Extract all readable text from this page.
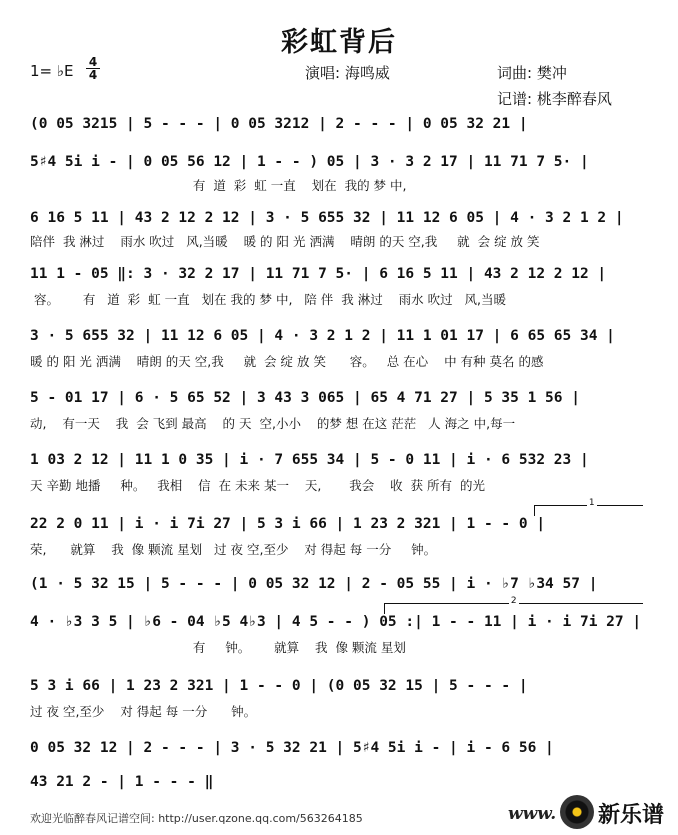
彩虹背后
1= ♭E 4
4	演唱: 海鸣威	词曲: 樊冲
记谱: 桃李醉春风
(0 05 3215 | 5 - - - | 0 05 3212 | 2 - - - | 0 05 32 21 |
5♯4 5i i - | 0 05 56 12 | 1 - - ) 05 | 3 · 3 2 17 | 11 71 7 5· |
有  道  彩  虹 一直    划在  我的 梦 中,
6 16 5 11 | 43 2 12 2 12 | 3 · 5 655 32 | 11 12 6 05 | 4 · 3 2 1 2 |
陪伴  我 淋过    雨水 吹过   风,当暖    暖 的 阳 光 洒满    晴朗 的天 空,我     就  会 绽 放 笑
11 1 - 05 ‖: 3 · 32 2 17 | 11 71 7 5· | 6 16 5 11 | 43 2 12 2 12 |
容。      有   道  彩  虹 一直   划在 我的 梦 中,   陪 伴  我 淋过    雨水 吹过   风,当暖
3 · 5 655 32 | 11 12 6 05 | 4 · 3 2 1 2 | 11 1 01 17 | 6 65 65 34 |
暖 的 阳 光 洒满    晴朗 的天 空,我     就  会 绽 放 笑      容。   总 在心    中 有种 莫名 的感
5 - 01 17 | 6 · 5 65 52 | 3 43 3 065 | 65 4 71 27 | 5 35 1 56 |
动,    有一天    我  会 飞到 最高    的 天  空,小小    的梦 想 在这 茫茫   人 海之 中,每一
1 03 2 12 | 11 1 0 35 | i · 7 655 34 | 5 - 0 11 | i · 6 532 23 |
天 辛勤 地播     种。   我相    信  在 未来 某一    天,       我会    收  获 所有  的光
1
22 2 0 11 | i · i 7i 27 | 5 3 i 66 | 1 23 2 321 | 1 - - 0 |
荣,      就算    我  像 颗流 星划   过 夜 空,至少    对 得起 每 一分     钟。
(1 · 5 32 15 | 5 - - - | 0 05 32 12 | 2 - 05 55 | i · ♭7 ♭34 57 |
2
4 · ♭3 3 5 | ♭6 - 04 ♭5 4♭3 | 4 5 - - ) 05 :| 1 - - 11 | i · i 7i 27 |
有     钟。      就算    我  像 颗流 星划
5 3 i 66 | 1 23 2 321 | 1 - - 0 | (0 05 32 15 | 5 - - - |
过 夜 空,至少    对 得起 每 一分      钟。
0 05 32 12 | 2 - - - | 3 · 5 32 21 | 5♯4 5i i - | i - 6 56 |
43 21 2 - | 1 - - - ‖
欢迎光临醉春风记谱空间: http://user.qzone.qq.com/563264185	www. 新乐谱
